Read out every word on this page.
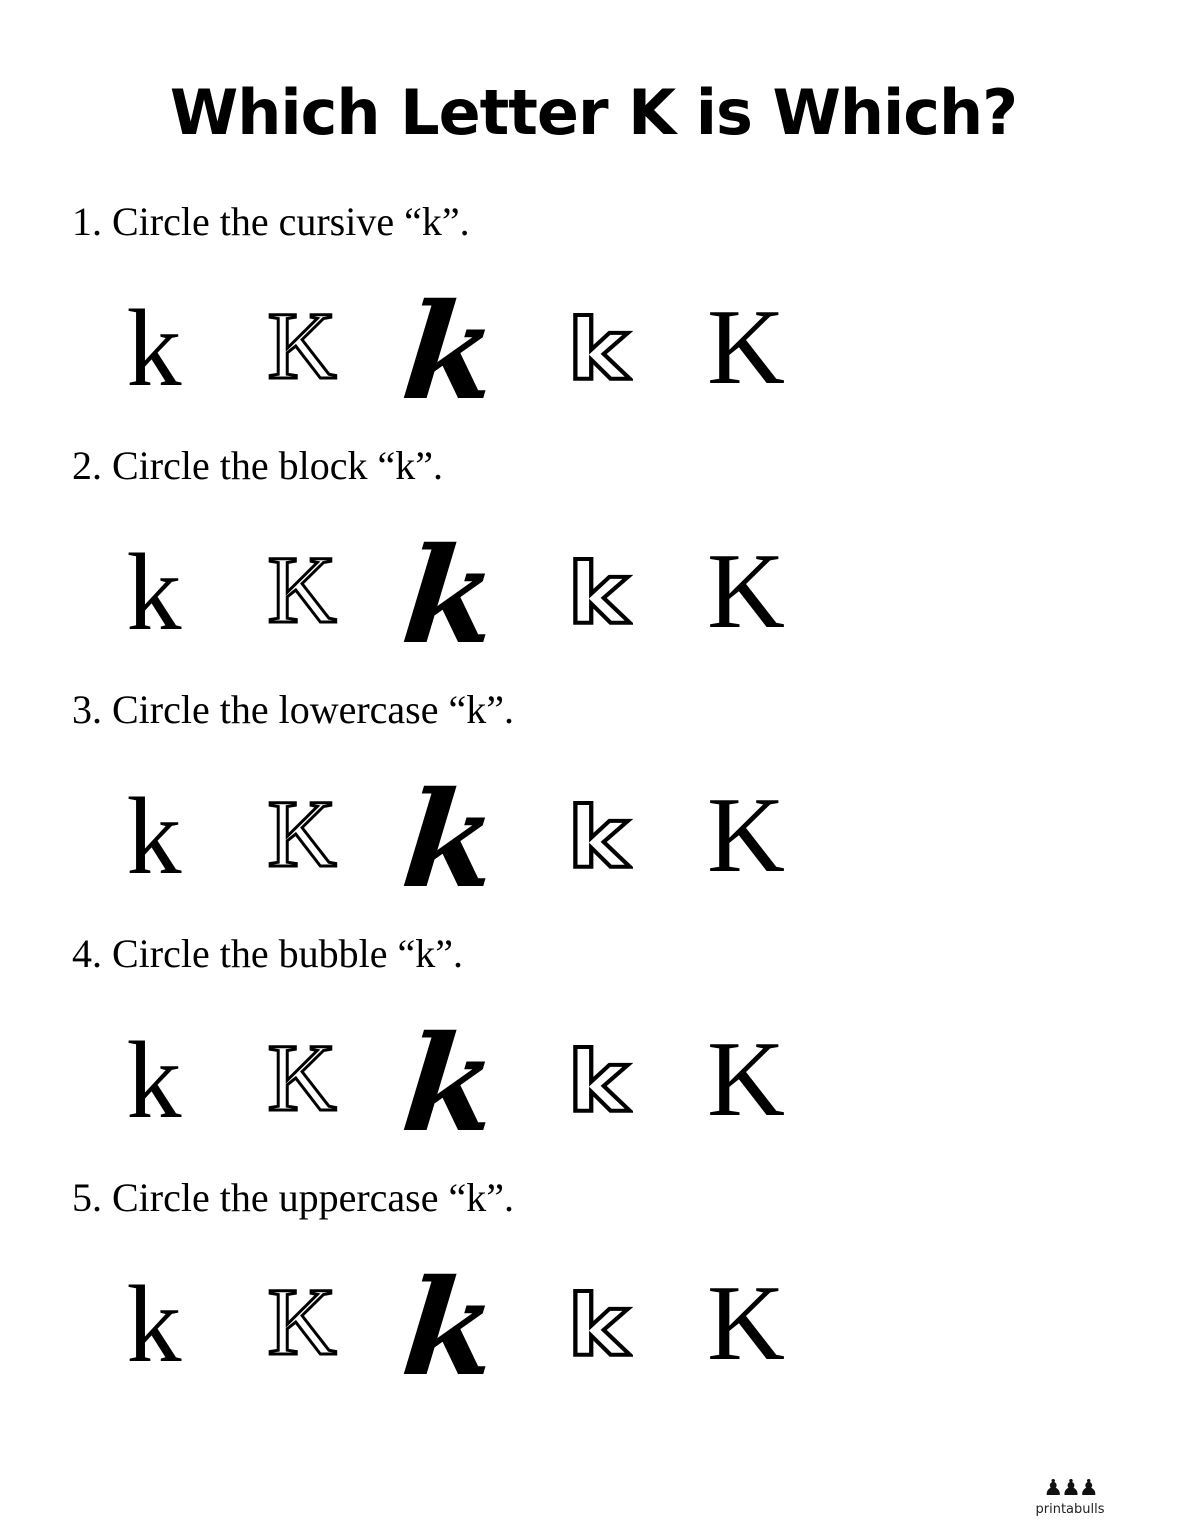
Which Letter K is Which?

1. Circle the cursive “k”.

k K k k K

2. Circle the block “k”.

k K k k K

3. Circle the lowercase “k”.

k K k k K

4. Circle the bubble “k”.

k K k k K

5. Circle the uppercase “k”.

k K k k K
♟♟♟
printabulls
